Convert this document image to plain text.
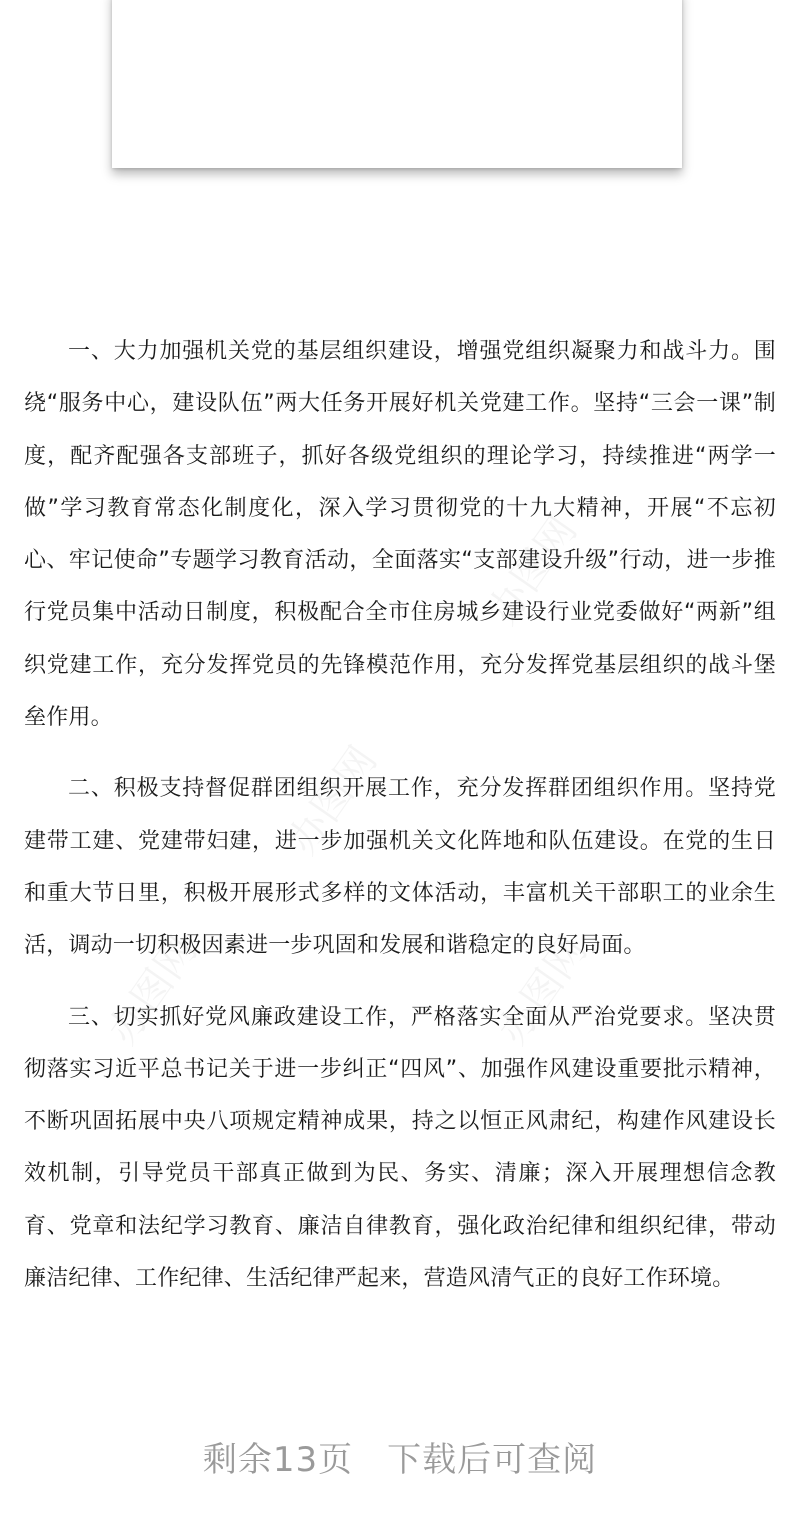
一、大力加强机关党的基层组织建设，增强党组织凝聚力和战斗力。围绕“服务中心，建设队伍”两大任务开展好机关党建工作。坚持“三会一课”制度，配齐配强各支部班子，抓好各级党组织的理论学习，持续推进“两学一做”学习教育常态化制度化，深入学习贯彻党的十九大精神，开展“不忘初心、牢记使命”专题学习教育活动，全面落实“支部建设升级”行动，进一步推行党员集中活动日制度，积极配合全市住房城乡建设行业党委做好“两新”组织党建工作，充分发挥党员的先锋模范作用，充分发挥党基层组织的战斗堡垒作用。

二、积极支持督促群团组织开展工作，充分发挥群团组织作用。坚持党建带工建、党建带妇建，进一步加强机关文化阵地和队伍建设。在党的生日和重大节日里，积极开展形式多样的文体活动，丰富机关干部职工的业余生活，调动一切积极因素进一步巩固和发展和谐稳定的良好局面。

三、切实抓好党风廉政建设工作，严格落实全面从严治党要求。坚决贯彻落实习近平总书记关于进一步纠正“四风”、加强作风建设重要批示精神，不断巩固拓展中央八项规定精神成果，持之以恒正风肃纪，构建作风建设长效机制，引导党员干部真正做到为民、务实、清廉；深入开展理想信念教育、党章和法纪学习教育、廉洁自律教育，强化政治纪律和组织纪律，带动廉洁纪律、工作纪律、生活纪律严起来，营造风清气正的良好工作环境。

剩余13页 下载后可查阅
